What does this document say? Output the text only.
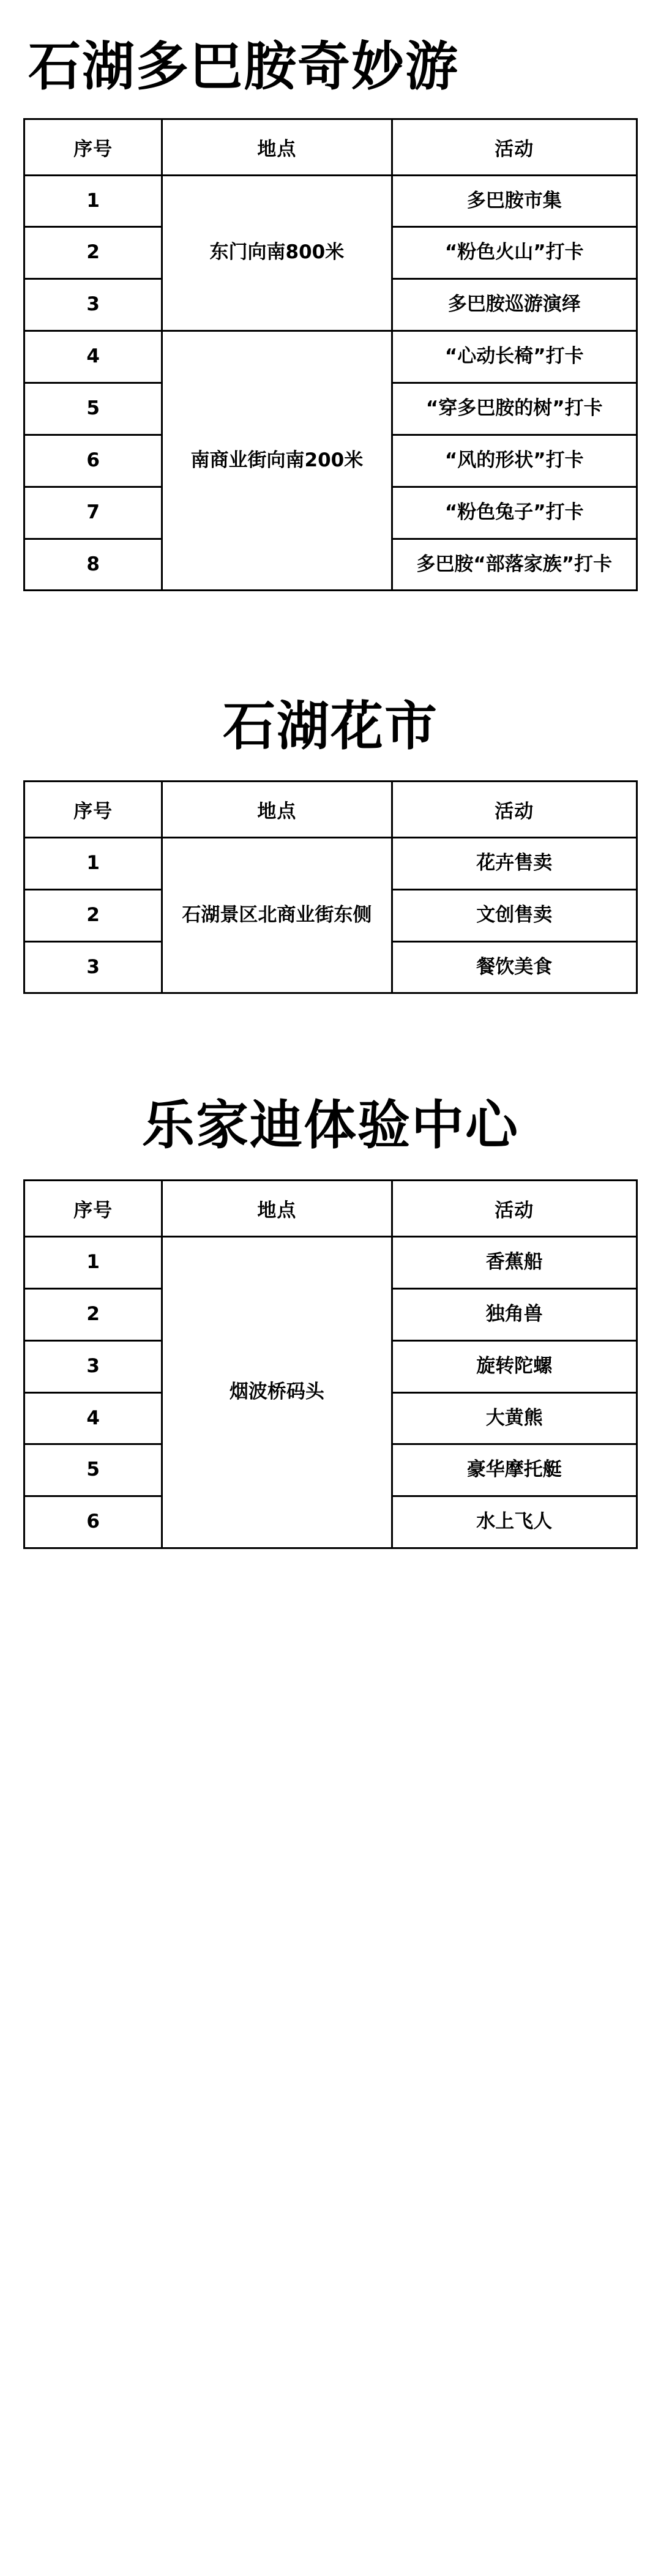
石湖多巴胺奇妙游
序号	地点	活动
1	东门向南800米	多巴胺市集
2		“粉色火山”打卡
3		多巴胺巡游演绎
4	南商业街向南200米	“心动长椅”打卡
5		“穿多巴胺的树”打卡
6		“风的形状”打卡
7		“粉色兔子”打卡
8		多巴胺“部落家族”打卡
石湖花市
序号	地点	活动
1	石湖景区北商业街东侧	花卉售卖
2		文创售卖
3		餐饮美食
乐家迪体验中心
序号	地点	活动
1	烟波桥码头	香蕉船
2		独角兽
3		旋转陀螺
4		大黄熊
5		豪华摩托艇
6		水上飞人
